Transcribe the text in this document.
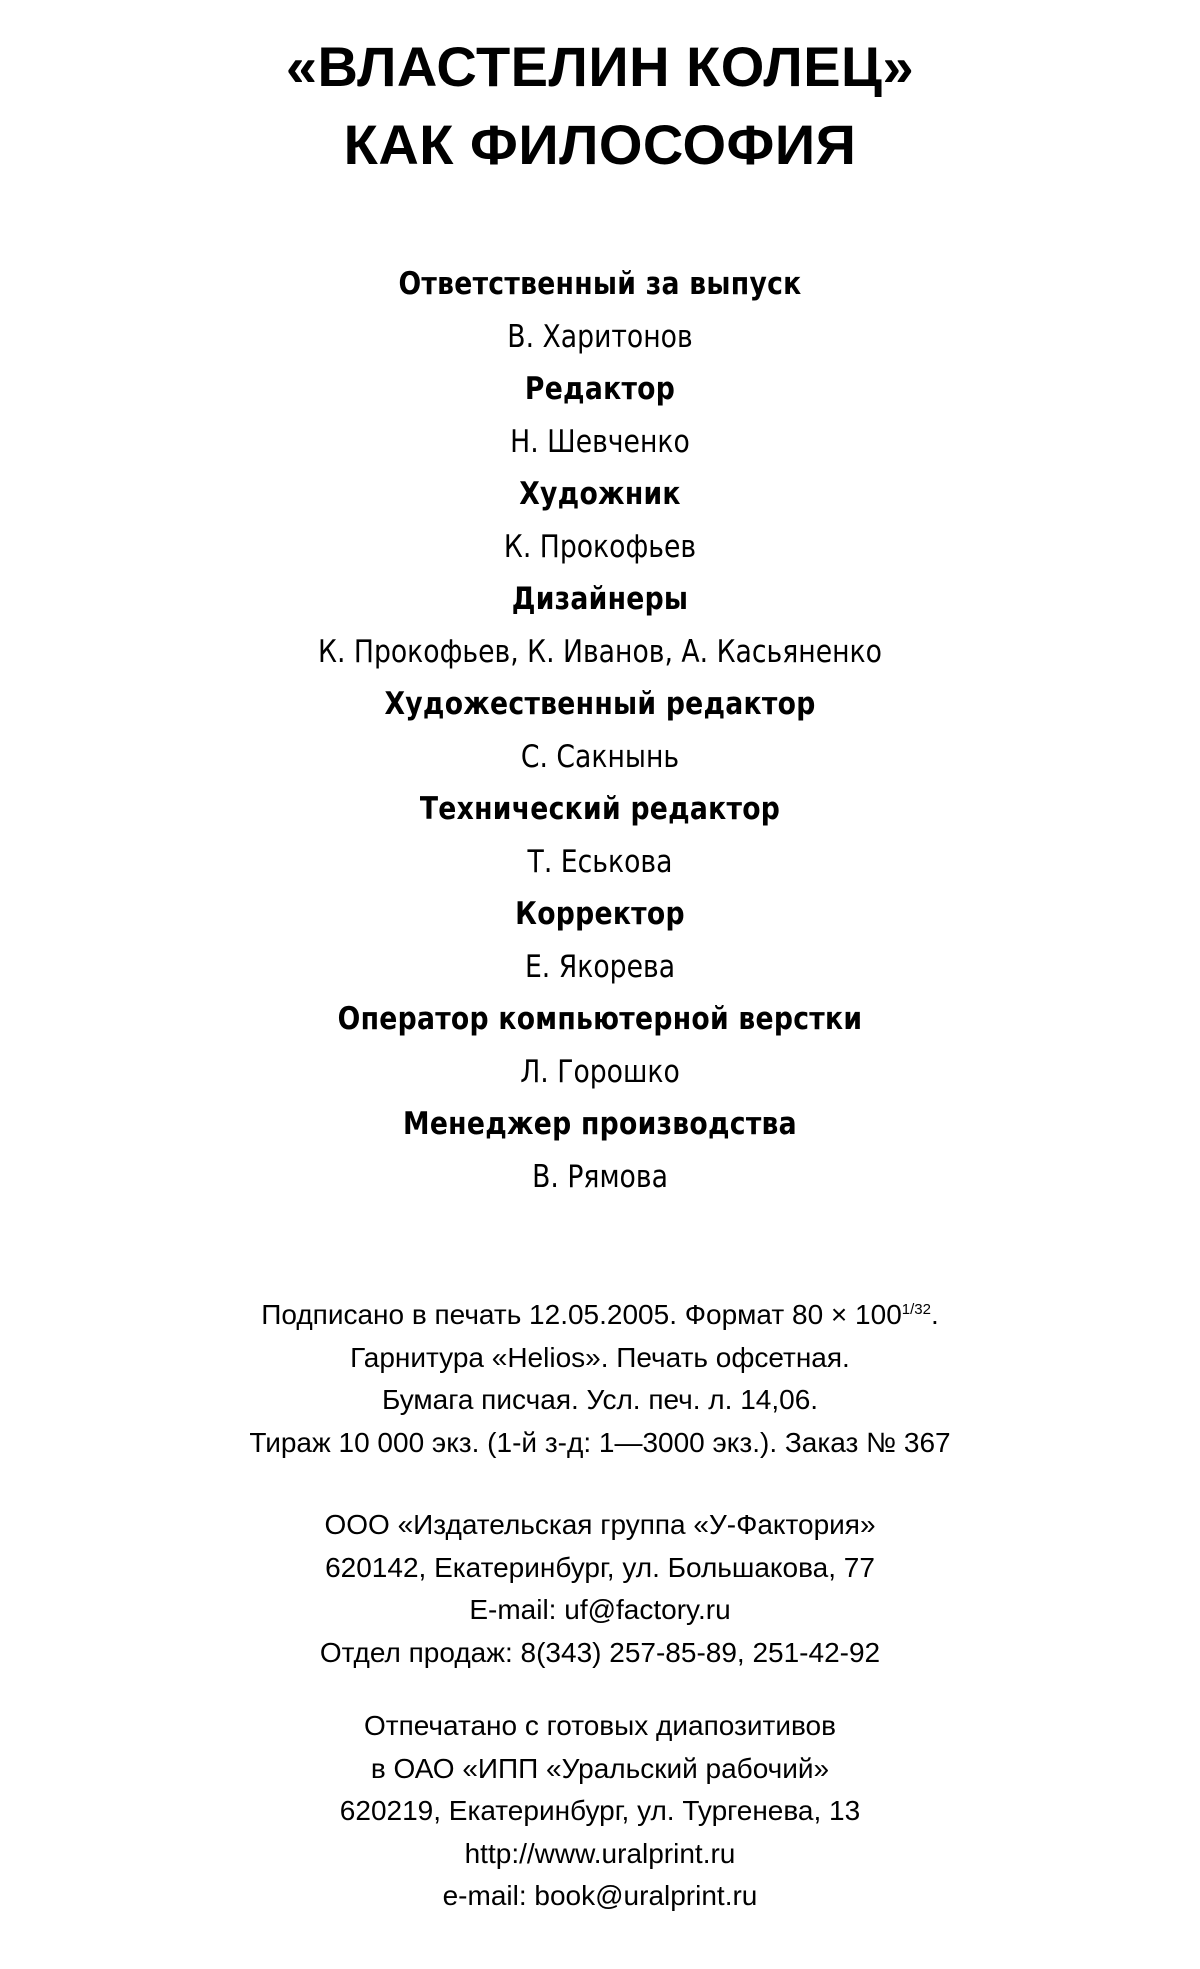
«ВЛАСТЕЛИН КОЛЕЦ»
КАК ФИЛОСОФИЯ
Ответственный за выпуск
В. Харитонов
Редактор
Н. Шевченко
Художник
К. Прокофьев
Дизайнеры
К. Прокофьев, К. Иванов, А. Касьяненко
Художественный редактор
С. Сакнынь
Технический редактор
Т. Еськова
Корректор
Е. Якорева
Оператор компьютерной верстки
Л. Горошко
Менеджер производства
В. Рямова
Подписано в печать 12.05.2005. Формат $80 \times 100^{1/32}$.
Гарнитура «Helios». Печать офсетная.
Бумага писчая. Усл. печ. л. 14,06.
Тираж 10 000 экз. (1-й з-д: 1—3000 экз.). Заказ № 367
ООО «Издательская группа «У-Фактория»
620142, Екатеринбург, ул. Большакова, 77
E-mail: uf@factory.ru
Отдел продаж: 8(343) 257-85-89, 251-42-92
Отпечатано с готовых диапозитивов
в ОАО «ИПП «Уральский рабочий»
620219, Екатеринбург, ул. Тургенева, 13
http://www.uralprint.ru
e-mail: book@uralprint.ru
